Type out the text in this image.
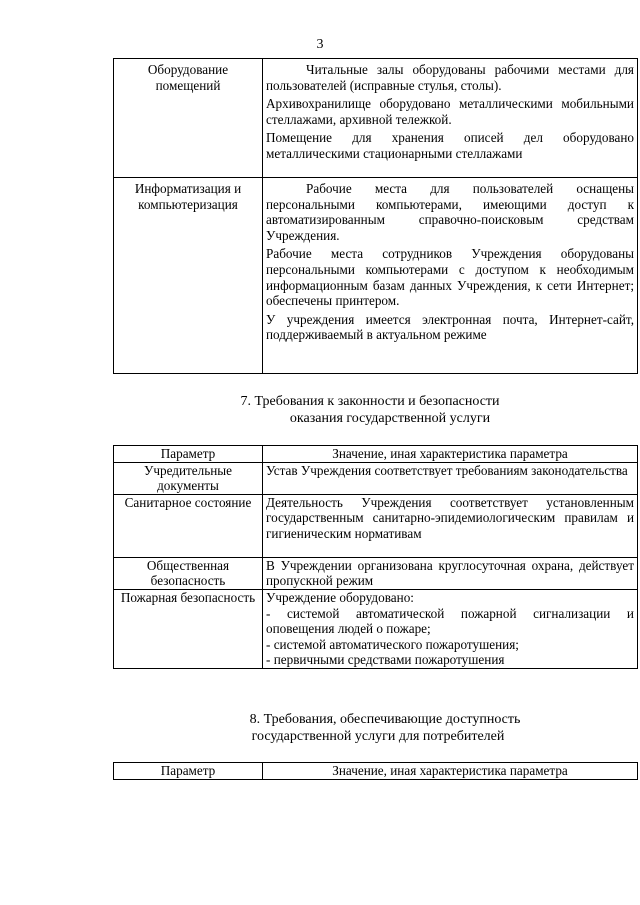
3
Оборудование помещений	Читальные залы оборудованы рабочими местами для пользователей (исправные стулья, столы).
Архивохранилище оборудовано металлическими мобильными стеллажами, архивной тележкой.
Помещение для хранения описей дел оборудовано металлическими стационарными стеллажами

Информатизация и компьютеризация	Рабочие места для пользователей оснащены персональными компьютерами, имеющими доступ к автоматизированным справочно-поисковым средствам Учреждения.
Рабочие места сотрудников Учреждения оборудованы персональными компьютерами с доступом к необходимым информационным базам данных Учреждения, к сети Интернет; обеспечены принтером.
У учреждения имеется электронная почта, Интернет-сайт, поддерживаемый в актуальном режиме
7. Требования к законности и безопасности
оказания государственной услуги
Параметр	Значение, иная характеристика параметра
Учредительные документы	Устав Учреждения соответствует требованиям законодательства
Санитарное состояние	Деятельность Учреждения соответствует установленным государственным санитарно-эпидемиологическим правилам и гигиеническим нормативам
Общественная безопасность	В Учреждении организована круглосуточная охрана, действует пропускной режим
Пожарная безопасность	Учреждение оборудовано:
- системой автоматической пожарной сигнализации и оповещения людей о пожаре;
- системой автоматического пожаротушения;
- первичными средствами пожаротушения
8. Требования, обеспечивающие доступность
государственной услуги для потребителей
Параметр	Значение, иная характеристика параметра
